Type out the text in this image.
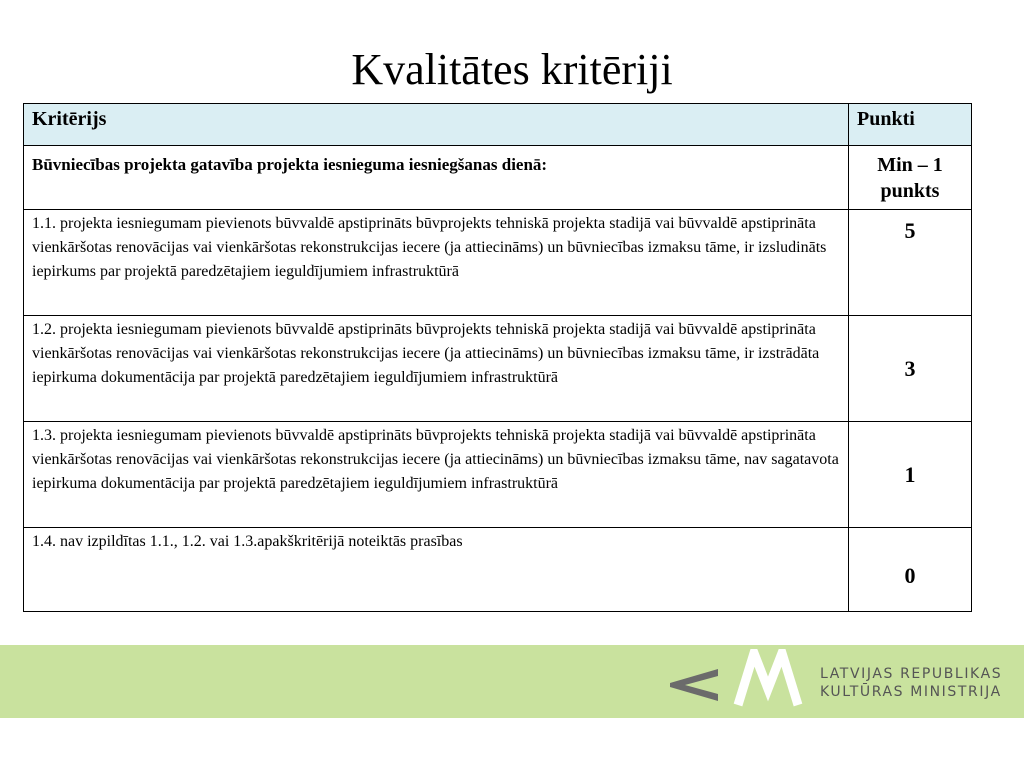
Kvalitātes kritēriji
Kritērijs	Punkti
Būvniecības projekta gatavība projekta iesnieguma iesniegšanas dienā:	Min – 1 punkts
1.1. projekta iesniegumam pievienots būvvaldē apstiprināts būvprojekts tehniskā projekta stadijā vai būvvaldē apstiprināta vienkāršotas renovācijas vai vienkāršotas rekonstrukcijas iecere (ja attiecināms) un būvniecības izmaksu tāme, ir izsludināts iepirkums par projektā paredzētajiem ieguldījumiem infrastruktūrā	5
1.2. projekta iesniegumam pievienots būvvaldē apstiprināts būvprojekts tehniskā projekta stadijā vai būvvaldē apstiprināta vienkāršotas renovācijas vai vienkāršotas rekonstrukcijas iecere (ja attiecināms) un būvniecības izmaksu tāme, ir izstrādāta iepirkuma dokumentācija par projektā paredzētajiem ieguldījumiem infrastruktūrā	3
1.3. projekta iesniegumam pievienots būvvaldē apstiprināts būvprojekts tehniskā projekta stadijā vai būvvaldē apstiprināta vienkāršotas renovācijas vai vienkāršotas rekonstrukcijas iecere (ja attiecināms) un būvniecības izmaksu tāme, nav sagatavota iepirkuma dokumentācija par projektā paredzētajiem ieguldījumiem infrastruktūrā	1
1.4. nav izpildītas 1.1., 1.2. vai 1.3.apakškritērijā noteiktās prasības	0
LATVIJAS REPUBLIKAS
KULTŪRAS MINISTRIJA
